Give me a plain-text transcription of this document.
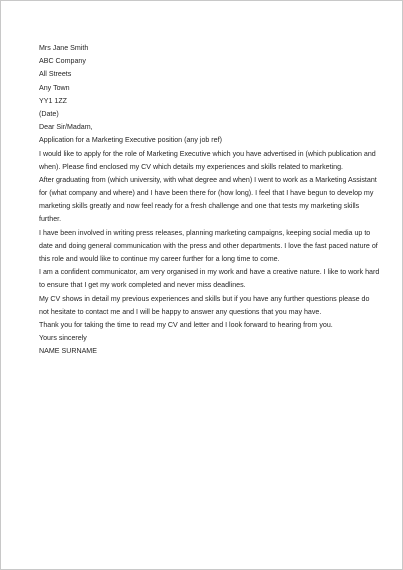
Mrs Jane Smith
ABC Company
All Streets
Any Town
YY1 1ZZ
(Date)
Dear Sir/Madam,
Application for a Marketing Executive position (any job ref)
I would like to apply for the role of Marketing Executive which you have advertised in (which publication and
when). Please find enclosed my CV which details my experiences and skills related to marketing.
After graduating from (which university, with what degree and when) I went to work as a Marketing Assistant
for (what company and where) and I have been there for (how long). I feel that I have begun to develop my
marketing skills greatly and now feel ready for a fresh challenge and one that tests my marketing skills
further.
I have been involved in writing press releases, planning marketing campaigns, keeping social media up to
date and doing general communication with the press and other departments. I love the fast paced nature of
this role and would like to continue my career further for a long time to come.
I am a confident communicator, am very organised in my work and have a creative nature. I like to work hard
to ensure that I get my work completed and never miss deadlines.
My CV shows in detail my previous experiences and skills but if you have any further questions please do
not hesitate to contact me and I will be happy to answer any questions that you may have.
Thank you for taking the time to read my CV and letter and I look forward to hearing from you.
Yours sincerely
NAME SURNAME
